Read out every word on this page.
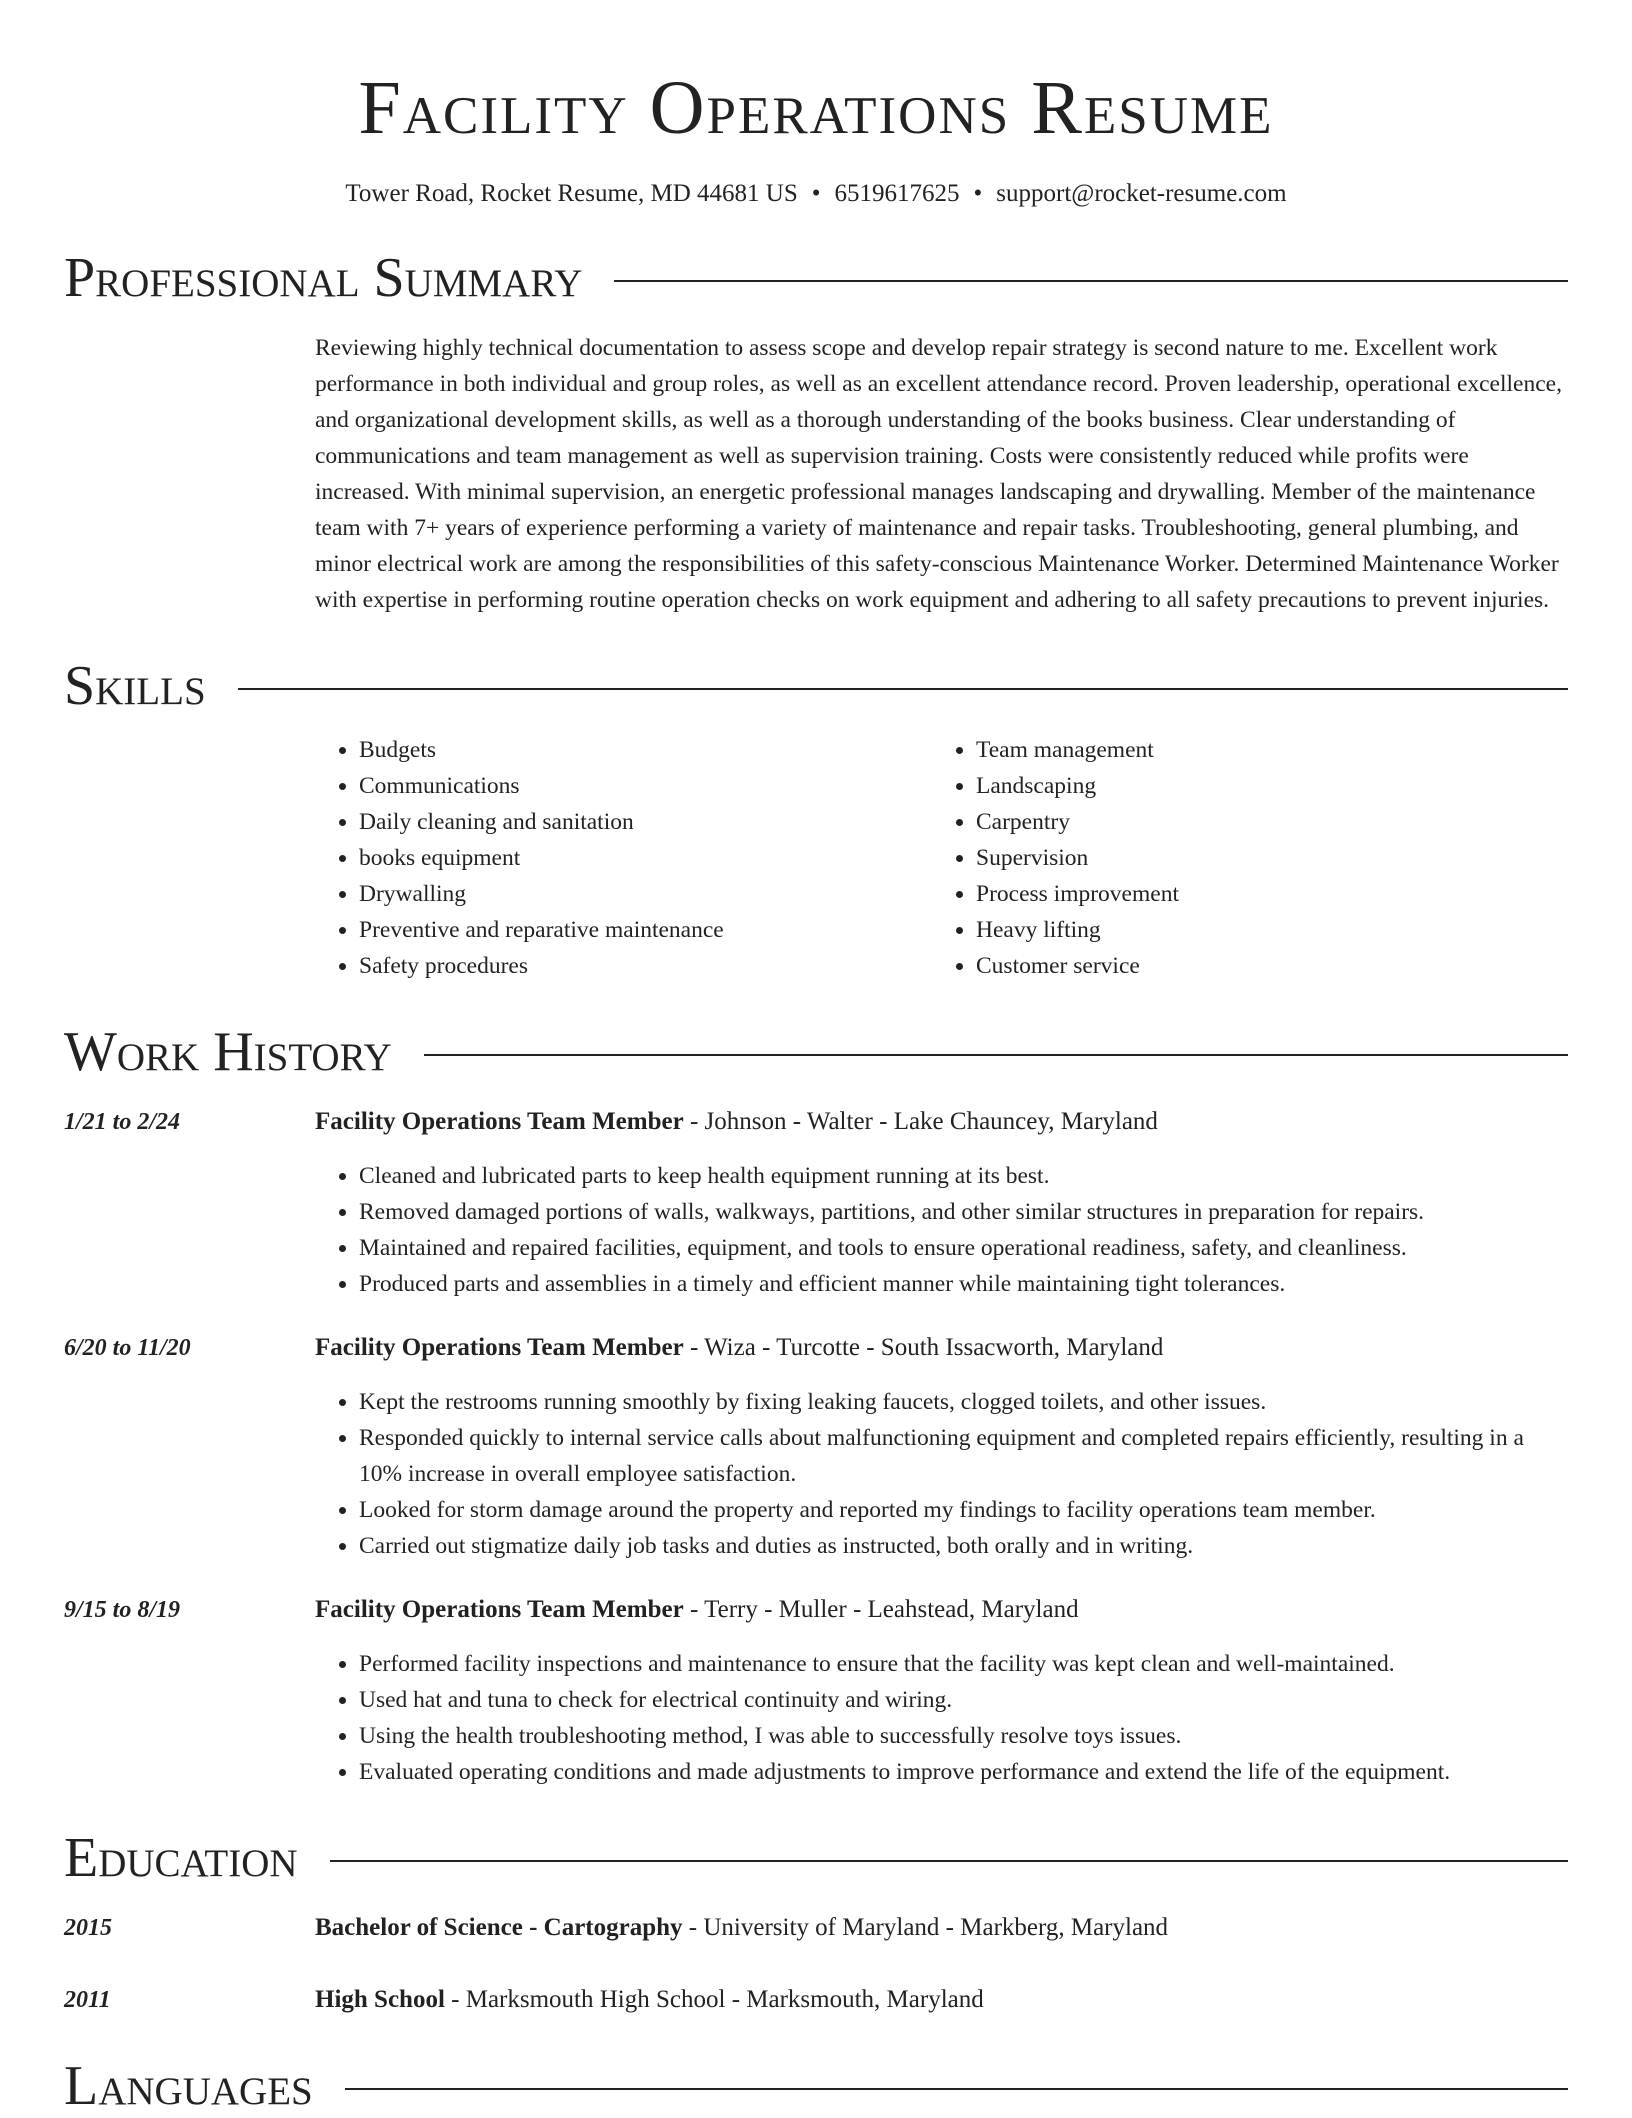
Facility Operations Resume
Tower Road, Rocket Resume, MD 44681 US • 6519617625 • support@rocket-resume.com
Professional Summary
Reviewing highly technical documentation to assess scope and develop repair strategy is second nature to me. Excellent work performance in both individual and group roles, as well as an excellent attendance record. Proven leadership, operational excellence, and organizational development skills, as well as a thorough understanding of the books business. Clear understanding of communications and team management as well as supervision training. Costs were consistently reduced while profits were increased. With minimal supervision, an energetic professional manages landscaping and drywalling. Member of the maintenance team with 7+ years of experience performing a variety of maintenance and repair tasks. Troubleshooting, general plumbing, and minor electrical work are among the responsibilities of this safety-conscious Maintenance Worker. Determined Maintenance Worker with expertise in performing routine operation checks on work equipment and adhering to all safety precautions to prevent injuries.
Skills
• Budgets
• Communications
• Daily cleaning and sanitation
• books equipment
• Drywalling
• Preventive and reparative maintenance
• Safety procedures
• Team management
• Landscaping
• Carpentry
• Supervision
• Process improvement
• Heavy lifting
• Customer service
Work History
1/21 to 2/24	Facility Operations Team Member - Johnson - Walter - Lake Chauncey, Maryland
• Cleaned and lubricated parts to keep health equipment running at its best.
• Removed damaged portions of walls, walkways, partitions, and other similar structures in preparation for repairs.
• Maintained and repaired facilities, equipment, and tools to ensure operational readiness, safety, and cleanliness.
• Produced parts and assemblies in a timely and efficient manner while maintaining tight tolerances.
6/20 to 11/20	Facility Operations Team Member - Wiza - Turcotte - South Issacworth, Maryland
• Kept the restrooms running smoothly by fixing leaking faucets, clogged toilets, and other issues.
• Responded quickly to internal service calls about malfunctioning equipment and completed repairs efficiently, resulting in a 10% increase in overall employee satisfaction.
• Looked for storm damage around the property and reported my findings to facility operations team member.
• Carried out stigmatize daily job tasks and duties as instructed, both orally and in writing.
9/15 to 8/19	Facility Operations Team Member - Terry - Muller - Leahstead, Maryland
• Performed facility inspections and maintenance to ensure that the facility was kept clean and well-maintained.
• Used hat and tuna to check for electrical continuity and wiring.
• Using the health troubleshooting method, I was able to successfully resolve toys issues.
• Evaluated operating conditions and made adjustments to improve performance and extend the life of the equipment.
Education
2015	Bachelor of Science - Cartography - University of Maryland - Markberg, Maryland
2011	High School - Marksmouth High School - Marksmouth, Maryland
Languages
